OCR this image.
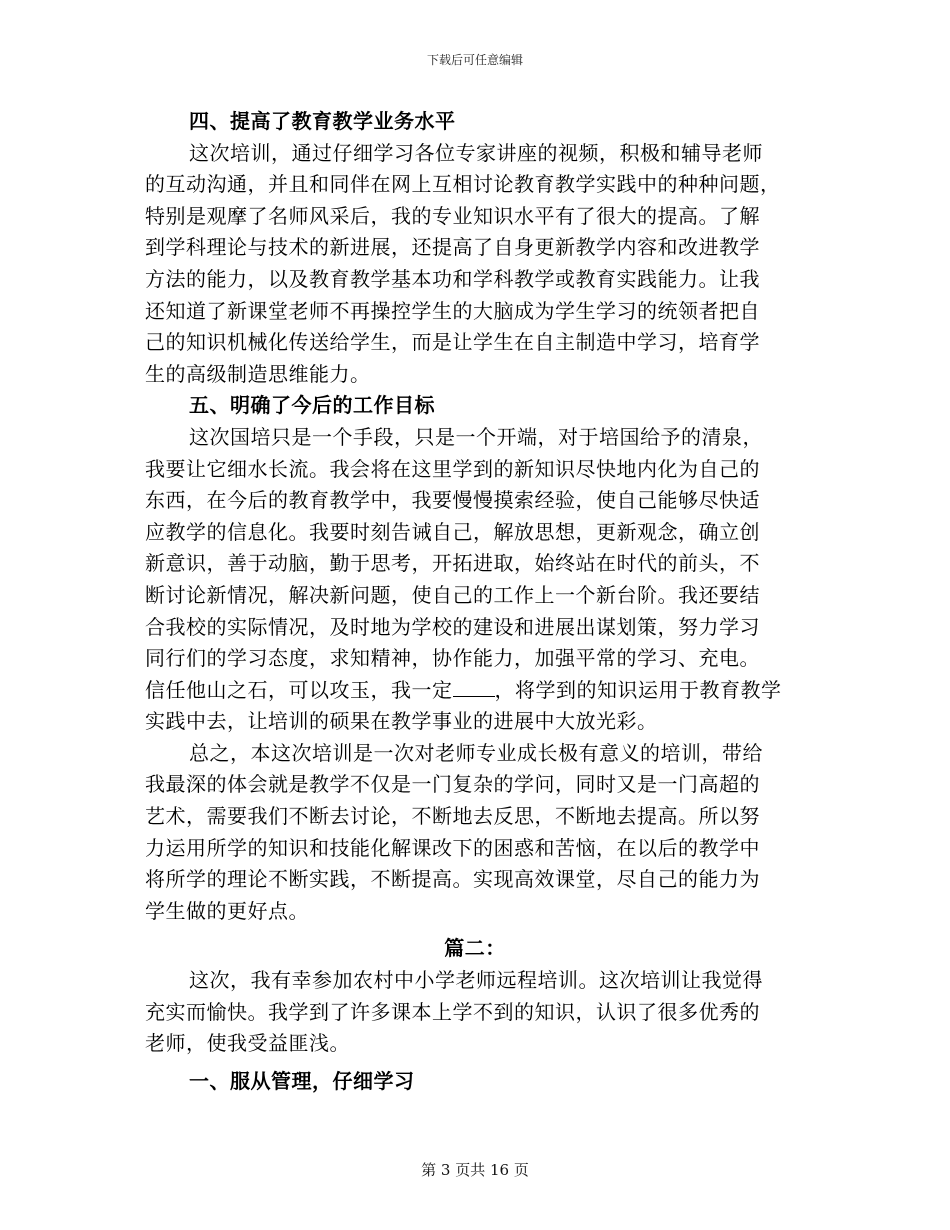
下载后可任意编辑
四、提高了教育教学业务水平
这次培训，通过仔细学习各位专家讲座的视频，积极和辅导老师
的互动沟通，并且和同伴在网上互相讨论教育教学实践中的种种问题，
特别是观摩了名师风采后，我的专业知识水平有了很大的提高。了解
到学科理论与技术的新进展，还提高了自身更新教学内容和改进教学
方法的能力，以及教育教学基本功和学科教学或教育实践能力。让我
还知道了新课堂老师不再操控学生的大脑成为学生学习的统领者把自
己的知识机械化传送给学生，而是让学生在自主制造中学习，培育学
生的高级制造思维能力。
五、明确了今后的工作目标
这次国培只是一个手段，只是一个开端，对于培国给予的清泉，
我要让它细水长流。我会将在这里学到的新知识尽快地内化为自己的
东西，在今后的教育教学中，我要慢慢摸索经验，使自己能够尽快适
应教学的信息化。我要时刻告诫自己，解放思想，更新观念，确立创
新意识，善于动脑，勤于思考，开拓进取，始终站在时代的前头，不
断讨论新情况，解决新问题，使自己的工作上一个新台阶。我还要结
合我校的实际情况，及时地为学校的建设和进展出谋划策，努力学习
同行们的学习态度，求知精神，协作能力，加强平常的学习、充电。
信任他山之石，可以攻玉，我一定 ，将学到的知识运用于教育教学
实践中去，让培训的硕果在教学事业的进展中大放光彩。
总之，本这次培训是一次对老师专业成长极有意义的培训，带给
我最深的体会就是教学不仅是一门复杂的学问，同时又是一门高超的
艺术，需要我们不断去讨论，不断地去反思，不断地去提高。所以努
力运用所学的知识和技能化解课改下的困惑和苦恼，在以后的教学中
将所学的理论不断实践，不断提高。实现高效课堂，尽自己的能力为
学生做的更好点。
篇二：
这次，我有幸参加农村中小学老师远程培训。这次培训让我觉得
充实而愉快。我学到了许多课本上学不到的知识，认识了很多优秀的
老师，使我受益匪浅。
一、服从管理，仔细学习
第 3 页共 16 页
